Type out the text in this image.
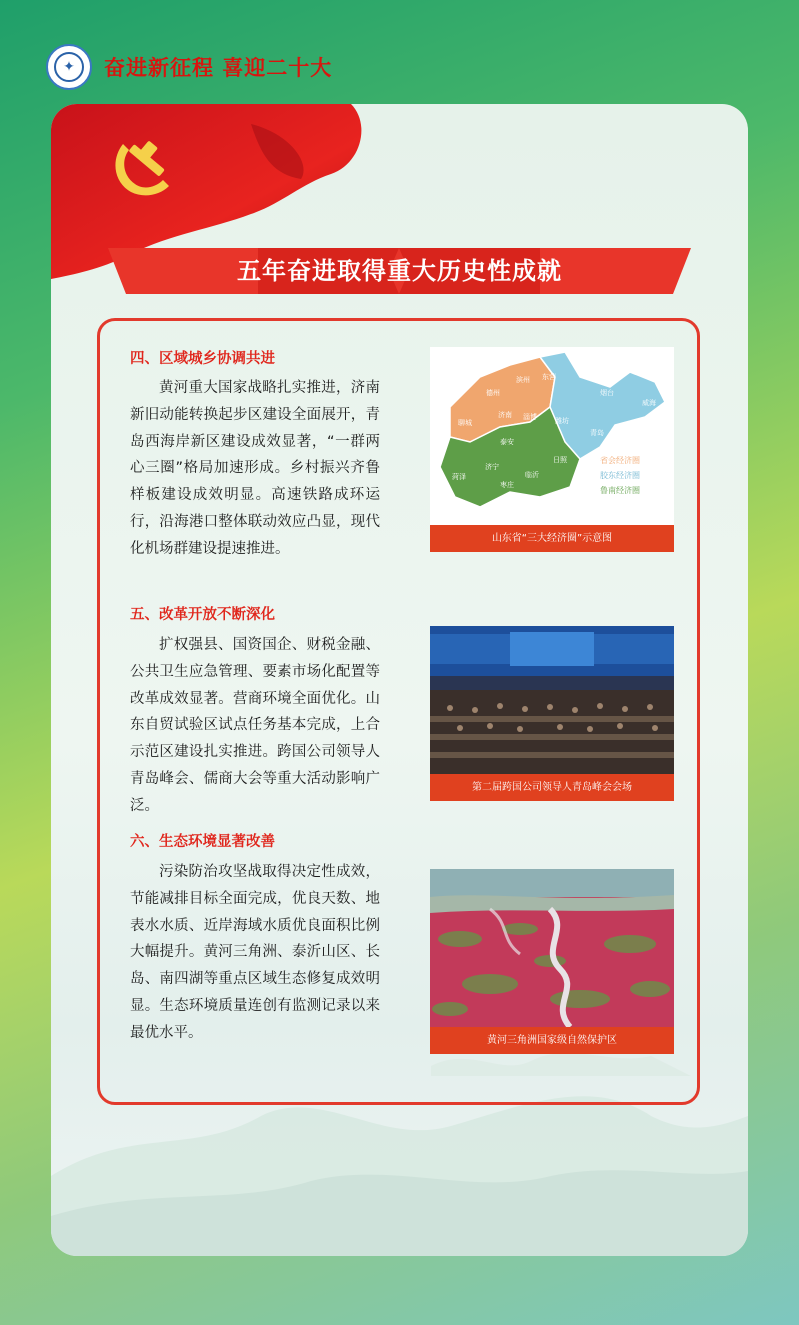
✦	奋进新征程 喜迎二十大
五年奋进取得重大历史性成就
四、区域城乡协调共进

黄河重大国家战略扎实推进，济南新旧动能转换起步区建设全面展开，青岛西海岸新区建设成效显著，“一群两心三圈”格局加速形成。乡村振兴齐鲁样板建设成效明显。高速铁路成环运行，沿海港口整体联动效应凸显，现代化机场群建设提速推进。

五、改革开放不断深化

扩权强县、国资国企、财税金融、公共卫生应急管理、要素市场化配置等改革成效显著。营商环境全面优化。山东自贸试验区试点任务基本完成，上合示范区建设扎实推进。跨国公司领导人青岛峰会、儒商大会等重大活动影响广泛。

六、生态环境显著改善

污染防治攻坚战取得决定性成效，节能减排目标全面完成，优良天数、地表水水质、近岸海域水质优良面积比例大幅提升。黄河三角洲、泰沂山区、长岛、南四湖等重点区域生态修复成效明显。生态环境质量连创有监测记录以来最优水平。

德州
滨州 东营
聊城
济南 淄博
烟台
威海
潍坊
青岛
泰安
菏泽
济宁
临沂
日照
枣庄
省会经济圈
胶东经济圈
鲁南经济圈
山东省“三大经济圈”示意图
第二届跨国公司领导人青岛峰会会场
黄河三角洲国家级自然保护区
